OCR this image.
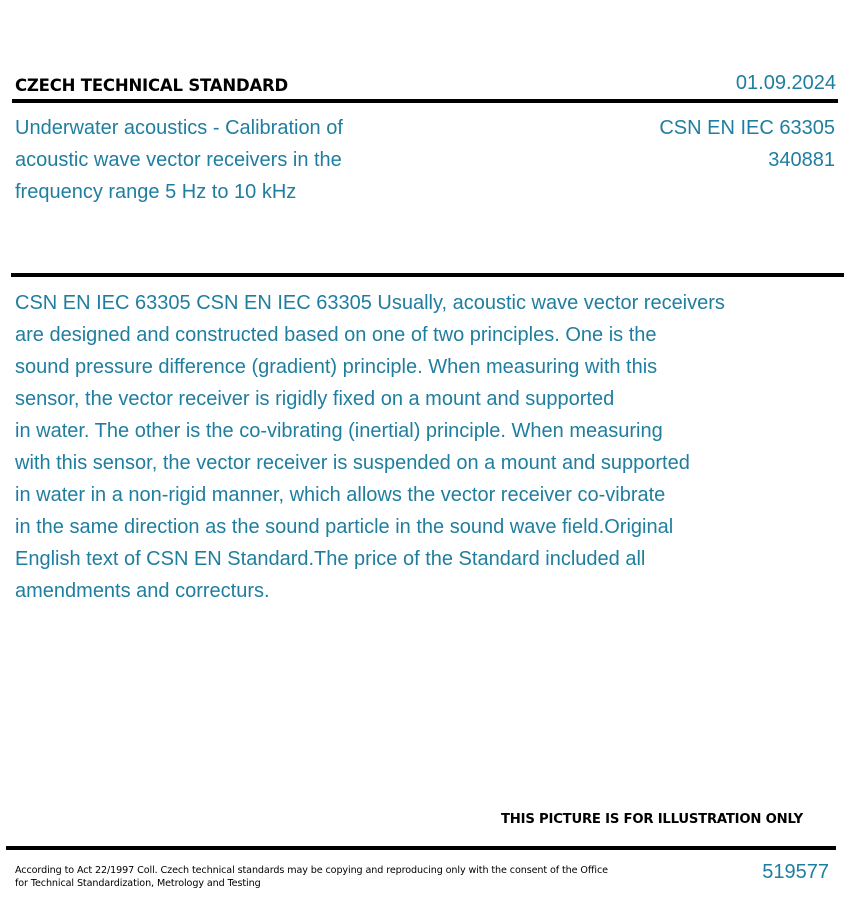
CZECH TECHNICAL STANDARD	01.09.2024
Underwater acoustics - Calibration of
acoustic wave vector receivers in the
frequency range 5 Hz to 10 kHz
CSN EN IEC 63305
340881
CSN EN IEC 63305 CSN EN IEC 63305 Usually, acoustic wave vector receivers
are designed and constructed based on one of two principles. One is the
sound pressure difference (gradient) principle. When measuring with this
sensor, the vector receiver is rigidly fixed on a mount and supported
in water. The other is the co-vibrating (inertial) principle. When measuring
with this sensor, the vector receiver is suspended on a mount and supported
in water in a non-rigid manner, which allows the vector receiver co-vibrate
in the same direction as the sound particle in the sound wave field.Original
English text of CSN EN Standard.The price of the Standard included all
amendments and correcturs.
THIS PICTURE IS FOR ILLUSTRATION ONLY
According to Act 22/1997 Coll. Czech technical standards may be copying and reproducing only with the consent of the Office
for Technical Standardization, Metrology and Testing
519577
